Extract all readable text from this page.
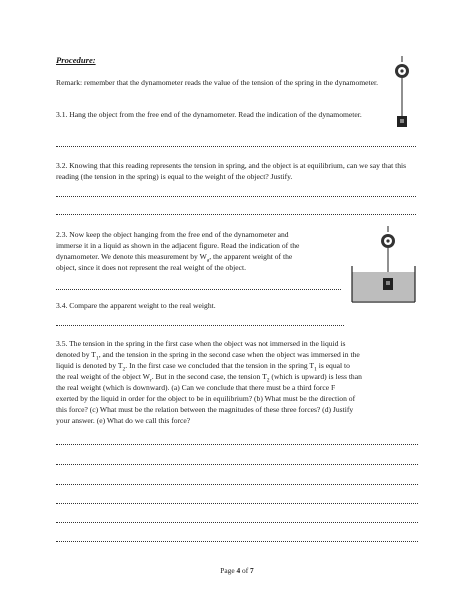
Procedure:

Remark: remember that the dynamometer reads the value of the tension of the spring in the dynamometer.

3.1. Hang the object from the free end of the dynamometer. Read the indication of the dynamometer.

3.2. Knowing that this reading represents the tension in spring, and the object is at equilibrium, can we say that this reading (the tension in the spring) is equal to the weight of the object? Justify.

2.3. Now keep the object hanging from the free end of the dynamometer and

immerse it in a liquid as shown in the adjacent figure. Read the indication of the

dynamometer. We denote this measurement by $W_a$, the apparent weight of the

object, since it does not represent the real weight of the object.

3.4. Compare the apparent weight to the real weight.

3.5. The tension in the spring in the first case when the object was not immersed in the liquid is

denoted by $T_1$, and the tension in the spring in the second case when the object was immersed in the

liquid is denoted by $T_2$. In the first case we concluded that the tension in the spring $T_1$ is equal to

the real weight of the object $W_r$. But in the second case, the tension $T_2$ (which is upward) is less than

the real weight (which is downward). (a) Can we conclude that there must be a third force F

exerted by the liquid in order for the object to be in equilibrium? (b) What must be the direction of

this force? (c) What must be the relation between the magnitudes of these three forces? (d) Justify

your answer. (e) What do we call this force?

Page 4 of 7
